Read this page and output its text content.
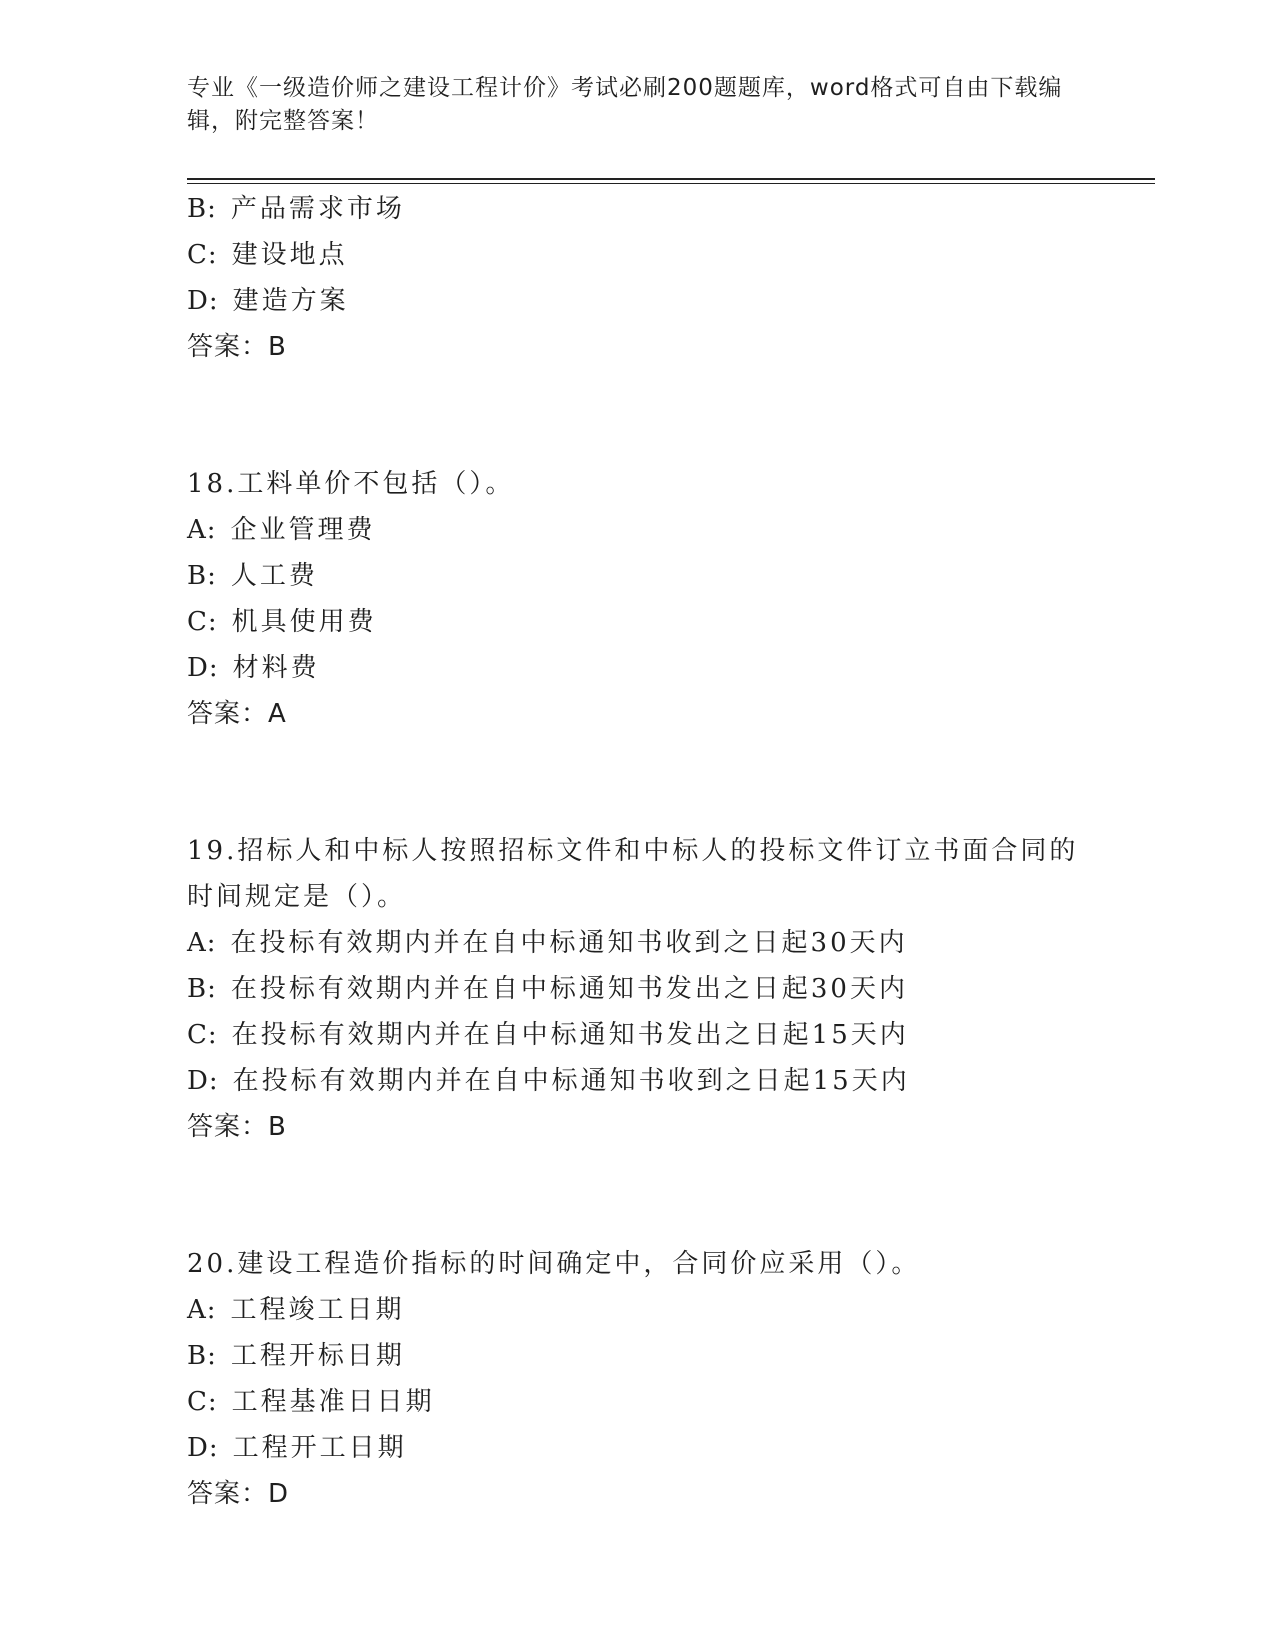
专业《一级造价师之建设工程计价》考试必刷200题题库，word格式可自由下载编辑，附完整答案！
B: 产品需求市场
C: 建设地点
D: 建造方案
答案：B
18.工料单价不包括（）。
A: 企业管理费
B: 人工费
C: 机具使用费
D: 材料费
答案：A
19.招标人和中标人按照招标文件和中标人的投标文件订立书面合同的时间规定是（）。
A: 在投标有效期内并在自中标通知书收到之日起30天内
B: 在投标有效期内并在自中标通知书发出之日起30天内
C: 在投标有效期内并在自中标通知书发出之日起15天内
D: 在投标有效期内并在自中标通知书收到之日起15天内
答案：B
20.建设工程造价指标的时间确定中，合同价应采用（）。
A: 工程竣工日期
B: 工程开标日期
C: 工程基准日日期
D: 工程开工日期
答案：D
